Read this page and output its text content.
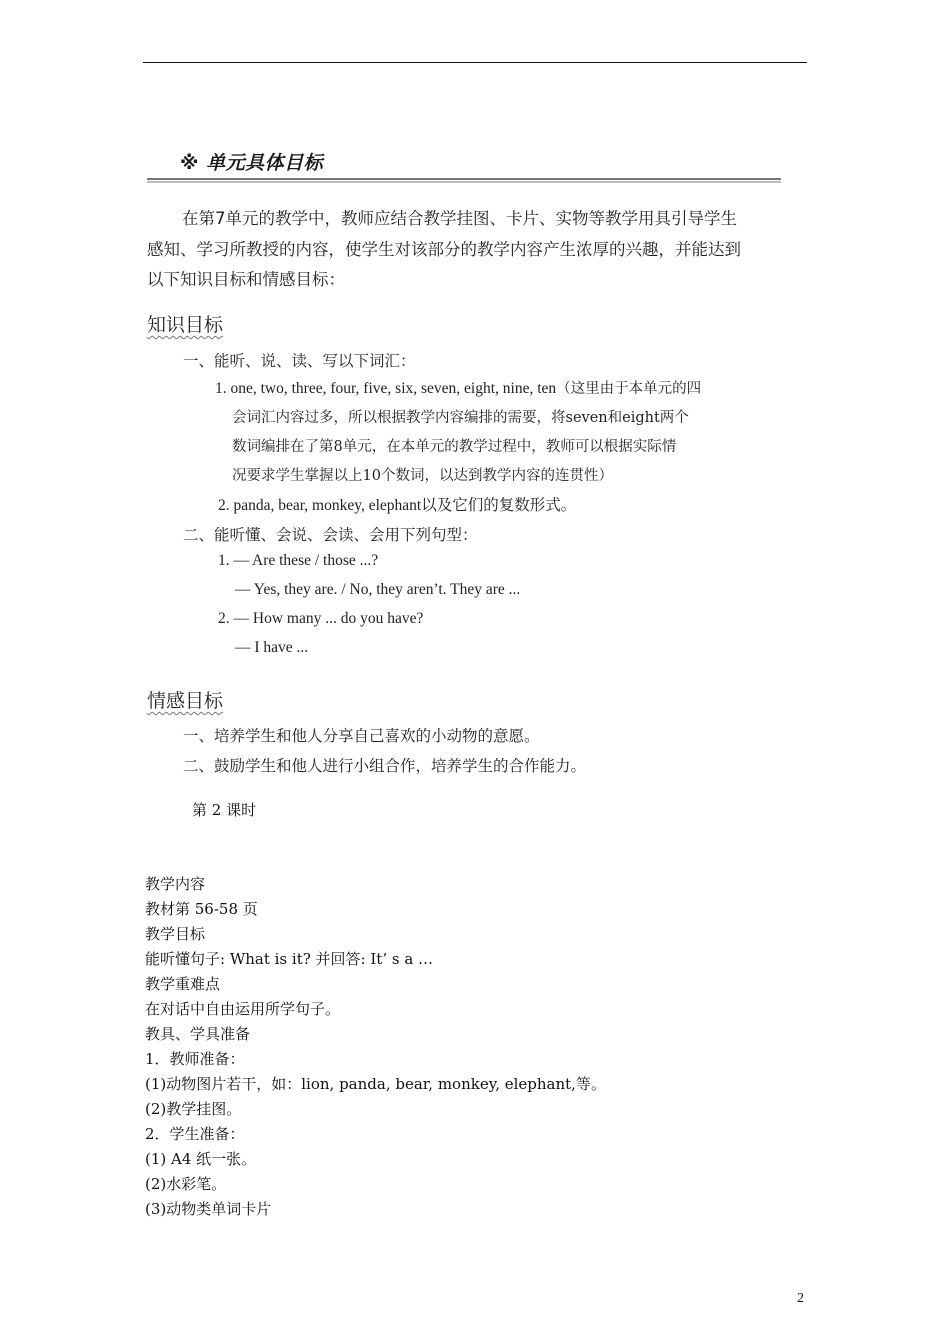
※ 单元具体目标
在第7单元的教学中，教师应结合教学挂图、卡片、实物等教学用具引导学生
感知、学习所教授的内容，使学生对该部分的教学内容产生浓厚的兴趣，并能达到
以下知识目标和情感目标：
知识目标
一、能听、说、读、写以下词汇：
1. one, two, three, four, five, six, seven, eight, nine, ten（这里由于本单元的四
会词汇内容过多，所以根据教学内容编排的需要，将seven和eight两个
数词编排在了第8单元，在本单元的教学过程中，教师可以根据实际情
况要求学生掌握以上10个数词，以达到教学内容的连贯性）
2. panda, bear, monkey, elephant以及它们的复数形式。
二、能听懂、会说、会读、会用下列句型：
1. — Are these / those ...?
— Yes, they are. / No, they aren’t. They are ...
2. — How many ... do you have?
— I have ...
情感目标
一、培养学生和他人分享自己喜欢的小动物的意愿。
二、鼓励学生和他人进行小组合作，培养学生的合作能力。
第 2 课时
教学内容
教材第 56-58 页
教学目标
能听懂句子: What is it? 并回答: It’ s a …
教学重难点
在对话中自由运用所学句子。
教具、学具准备
1．教师准备：
(1)动物图片若干，如：lion, panda, bear, monkey, elephant,等。
(2)教学挂图。
2．学生准备：
(1) A4 纸一张。
(2)水彩笔。
(3)动物类单词卡片
2
